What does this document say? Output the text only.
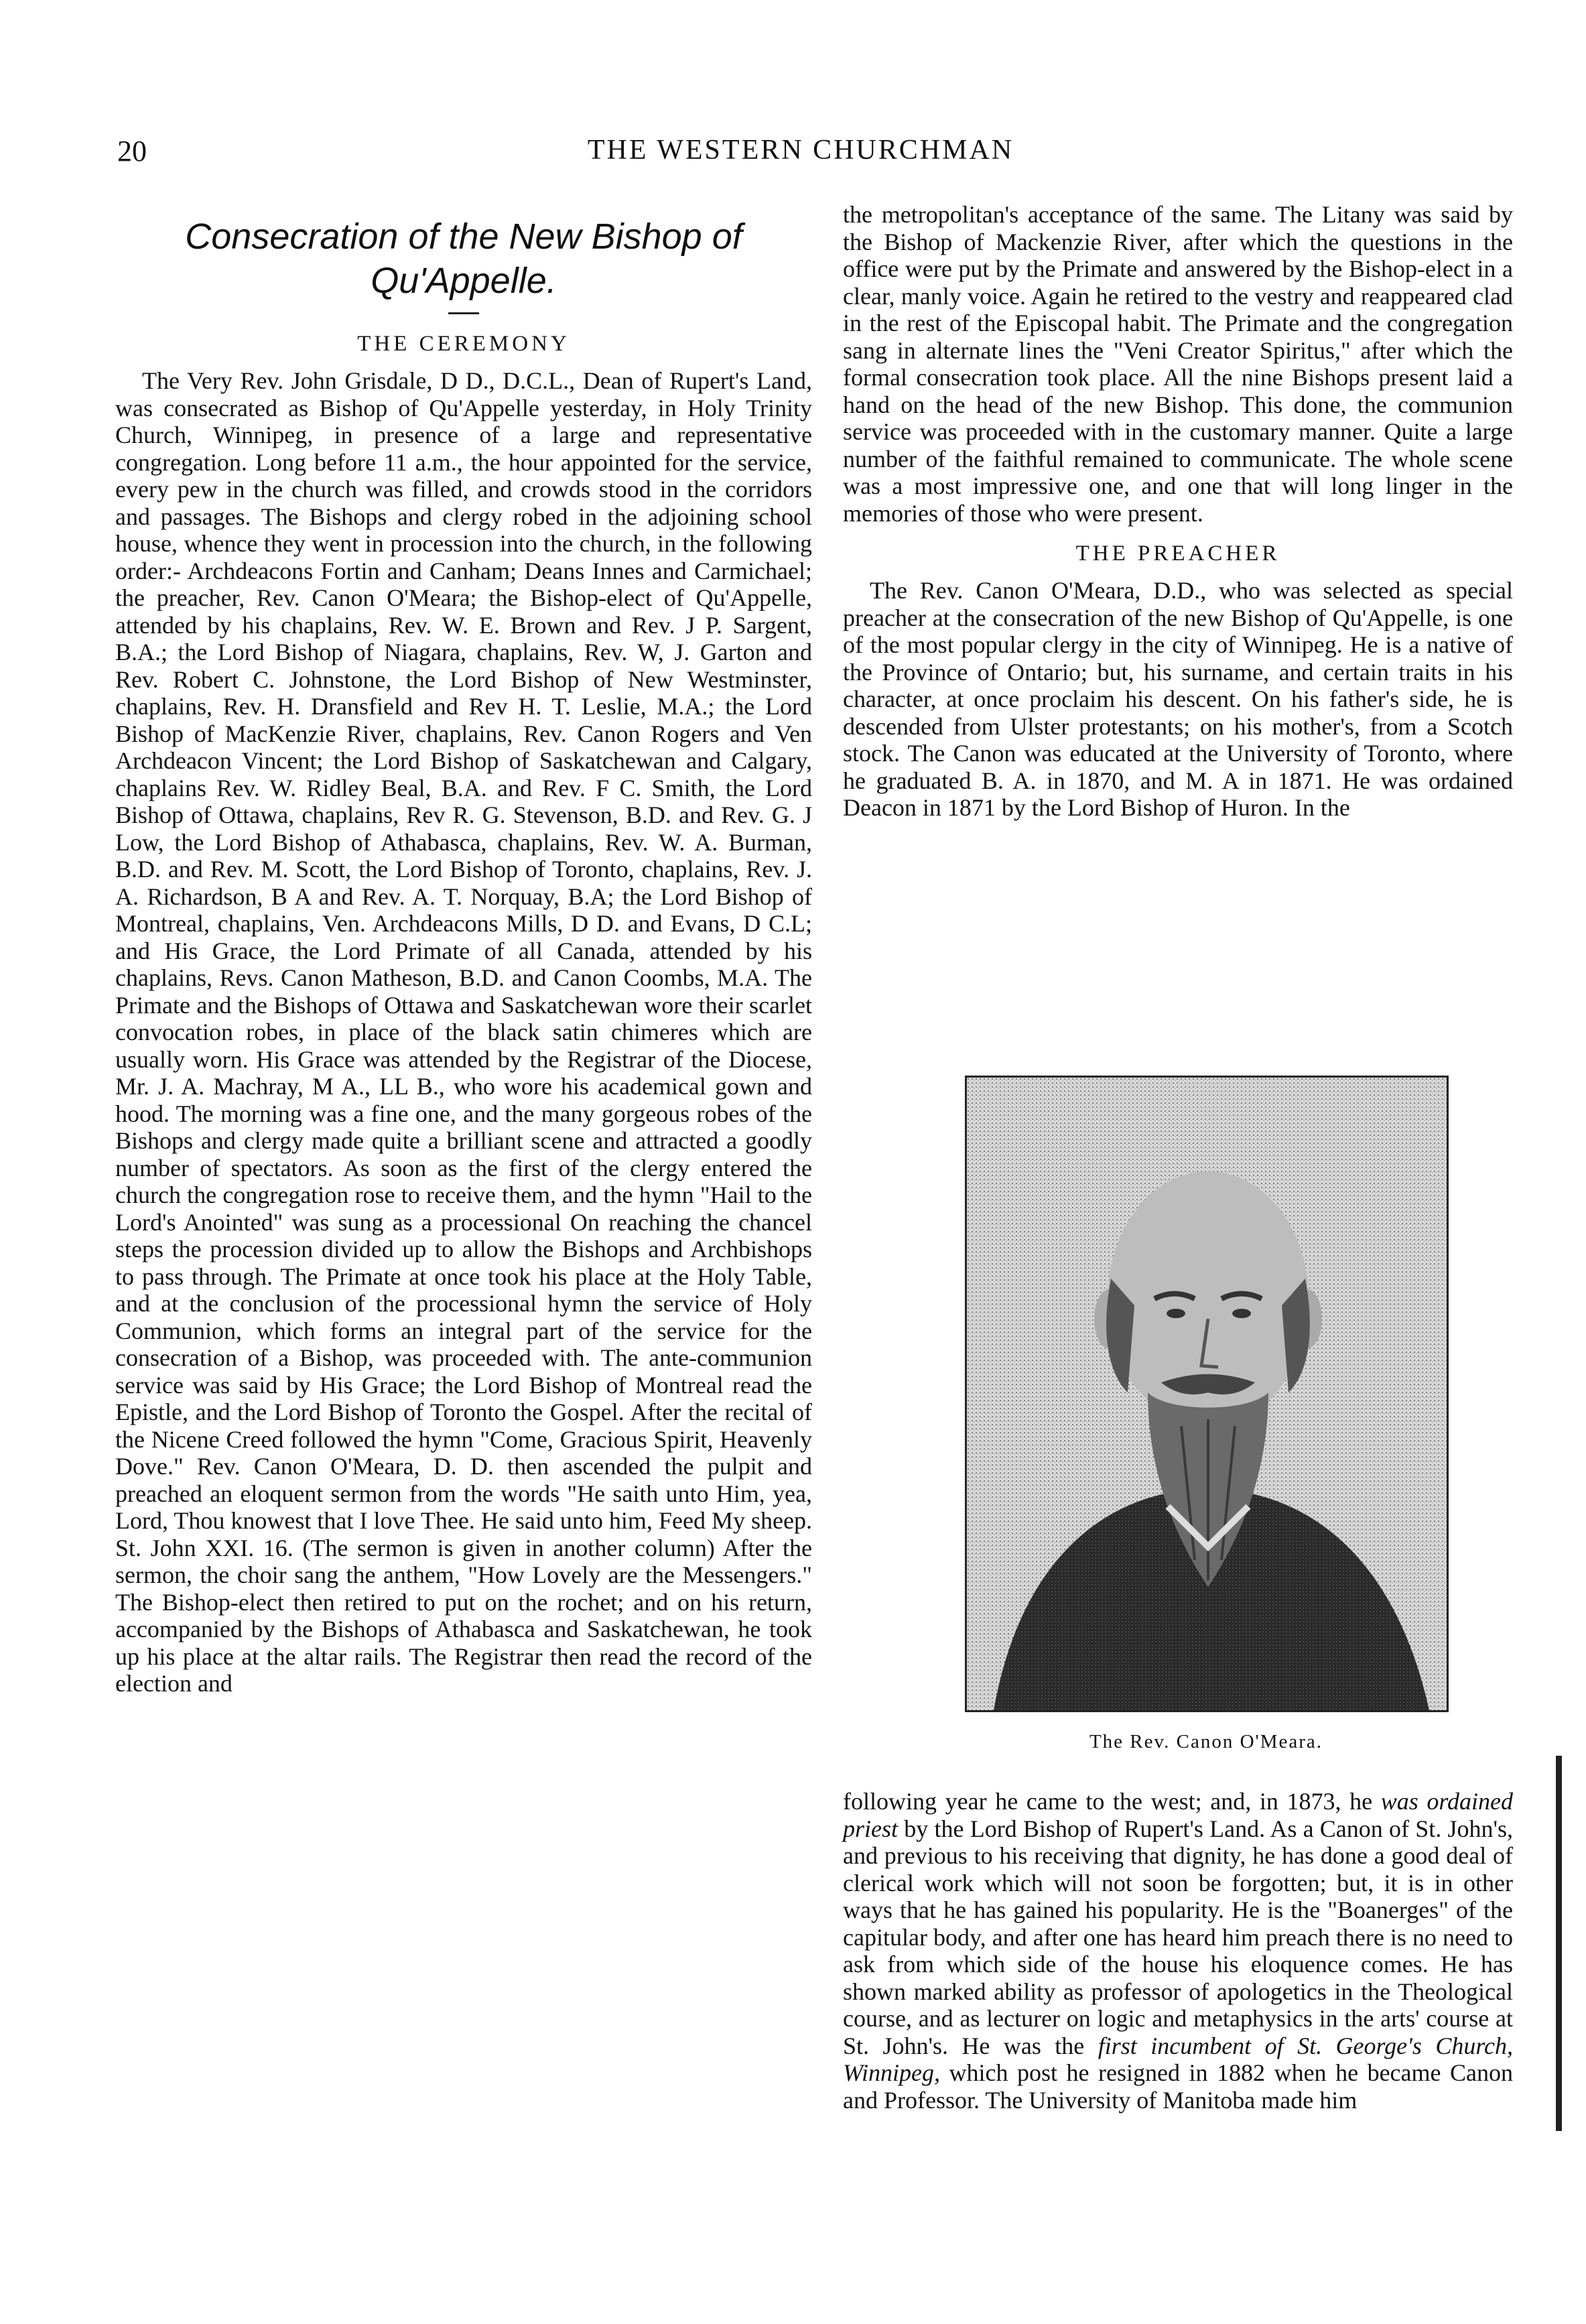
20	THE WESTERN CHURCHMAN
Consecration of the New Bishop of Qu'Appelle.
THE CEREMONY

The Very Rev. John Grisdale, D D., D.C.L., Dean of Rupert's Land, was consecrated as Bishop of Qu'Appelle yesterday, in Holy Trinity Church, Winnipeg, in presence of a large and representative congregation. Long before 11 a.m., the hour appointed for the service, every pew in the church was filled, and crowds stood in the corridors and passages. The Bishops and clergy robed in the adjoining school house, whence they went in procession into the church, in the following order:- Archdeacons Fortin and Canham; Deans Innes and Carmichael; the preacher, Rev. Canon O'Meara; the Bishop-elect of Qu'Appelle, attended by his chaplains, Rev. W. E. Brown and Rev. J P. Sargent, B.A.; the Lord Bishop of Niagara, chaplains, Rev. W, J. Garton and Rev. Robert C. Johnstone, the Lord Bishop of New Westminster, chaplains, Rev. H. Dransfield and Rev H. T. Leslie, M.A.; the Lord Bishop of MacKenzie River, chaplains, Rev. Canon Rogers and Ven Archdeacon Vincent; the Lord Bishop of Saskatchewan and Calgary, chaplains Rev. W. Ridley Beal, B.A. and Rev. F C. Smith, the Lord Bishop of Ottawa, chaplains, Rev R. G. Stevenson, B.D. and Rev. G. J Low, the Lord Bishop of Athabasca, chaplains, Rev. W. A. Burman, B.D. and Rev. M. Scott, the Lord Bishop of Toronto, chaplains, Rev. J. A. Richardson, B A and Rev. A. T. Norquay, B.A; the Lord Bishop of Montreal, chaplains, Ven. Archdeacons Mills, D D. and Evans, D C.L; and His Grace, the Lord Primate of all Canada, attended by his chaplains, Revs. Canon Matheson, B.D. and Canon Coombs, M.A. The Primate and the Bishops of Ottawa and Saskatchewan wore their scarlet convocation robes, in place of the black satin chimeres which are usually worn. His Grace was attended by the Registrar of the Diocese, Mr. J. A. Machray, M A., LL B., who wore his academical gown and hood. The morning was a fine one, and the many gorgeous robes of the Bishops and clergy made quite a brilliant scene and attracted a goodly number of spectators. As soon as the first of the clergy entered the church the congregation rose to receive them, and the hymn "Hail to the Lord's Anointed" was sung as a processional On reaching the chancel steps the procession divided up to allow the Bishops and Archbishops to pass through. The Primate at once took his place at the Holy Table, and at the conclusion of the processional hymn the service of Holy Communion, which forms an integral part of the service for the consecration of a Bishop, was proceeded with. The ante-communion service was said by His Grace; the Lord Bishop of Montreal read the Epistle, and the Lord Bishop of Toronto the Gospel. After the recital of the Nicene Creed followed the hymn "Come, Gracious Spirit, Heavenly Dove." Rev. Canon O'Meara, D. D. then ascended the pulpit and preached an eloquent sermon from the words "He saith unto Him, yea, Lord, Thou knowest that I love Thee. He said unto him, Feed My sheep. St. John XXI. 16. (The sermon is given in another column) After the sermon, the choir sang the anthem, "How Lovely are the Messengers." The Bishop-elect then retired to put on the rochet; and on his return, accompanied by the Bishops of Athabasca and Saskatchewan, he took up his place at the altar rails. The Registrar then read the record of the election and

the metropolitan's acceptance of the same. The Litany was said by the Bishop of Mackenzie River, after which the questions in the office were put by the Primate and answered by the Bishop-elect in a clear, manly voice. Again he retired to the vestry and reappeared clad in the rest of the Episcopal habit. The Primate and the congregation sang in alternate lines the "Veni Creator Spiritus," after which the formal consecration took place. All the nine Bishops present laid a hand on the head of the new Bishop. This done, the communion service was proceeded with in the customary manner. Quite a large number of the faithful remained to communicate. The whole scene was a most impressive one, and one that will long linger in the memories of those who were present.

THE PREACHER

The Rev. Canon O'Meara, D.D., who was selected as special preacher at the consecration of the new Bishop of Qu'Appelle, is one of the most popular clergy in the city of Winnipeg. He is a native of the Province of Ontario; but, his surname, and certain traits in his character, at once proclaim his descent. On his father's side, he is descended from Ulster protestants; on his mother's, from a Scotch stock. The Canon was educated at the University of Toronto, where he graduated B. A. in 1870, and M. A in 1871. He was ordained Deacon in 1871 by the Lord Bishop of Huron. In the

The Rev. Canon O'Meara.

following year he came to the west; and, in 1873, he was ordained priest by the Lord Bishop of Rupert's Land. As a Canon of St. John's, and previous to his receiving that dignity, he has done a good deal of clerical work which will not soon be forgotten; but, it is in other ways that he has gained his popularity. He is the "Boanerges" of the capitular body, and after one has heard him preach there is no need to ask from which side of the house his eloquence comes. He has shown marked ability as professor of apologetics in the Theological course, and as lecturer on logic and metaphysics in the arts' course at St. John's. He was the first incumbent of St. George's Church, Winnipeg, which post he resigned in 1882 when he became Canon and Professor. The University of Manitoba made him
